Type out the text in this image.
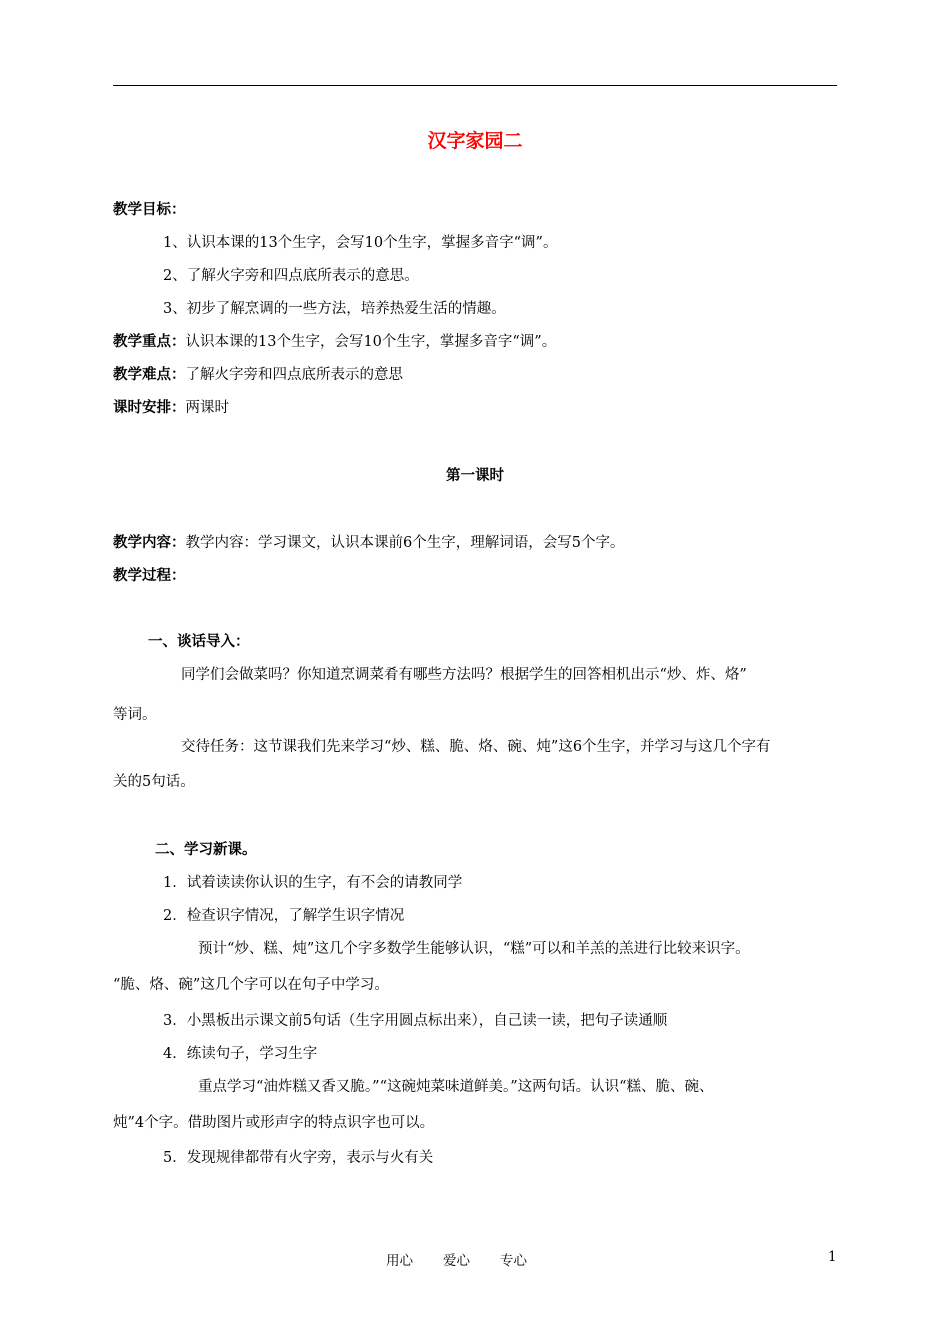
汉字家园二
教学目标：
1、认识本课的13个生字，会写10个生字，掌握多音字“调”。
2、了解火字旁和四点底所表示的意思。
3、初步了解烹调的一些方法，培养热爱生活的情趣。
教学重点：认识本课的13个生字，会写10个生字，掌握多音字“调”。
教学难点：了解火字旁和四点底所表示的意思
课时安排：两课时
第一课时
教学内容：教学内容：学习课文，认识本课前6个生字，理解词语，会写5个字。
教学过程：
一、谈话导入：
同学们会做菜吗？你知道烹调菜肴有哪些方法吗？根据学生的回答相机出示“炒、炸、烙”
等词。
交待任务：这节课我们先来学习“炒、糕、脆、烙、碗、炖”这6个生字，并学习与这几个字有
关的5句话。
二、学习新课。
1．试着读读你认识的生字，有不会的请教同学
2．检查识字情况，了解学生识字情况
预计“炒、糕、炖”这几个字多数学生能够认识，“糕”可以和羊羔的羔进行比较来识字。
“脆、烙、碗”这几个字可以在句子中学习。
3．小黑板出示课文前5句话（生字用圆点标出来），自己读一读，把句子读通顺
4．练读句子，学习生字
重点学习“油炸糕又香又脆。”“这碗炖菜味道鲜美。”这两句话。认识“糕、脆、碗、
炖”4个字。借助图片或形声字的特点识字也可以。
5．发现规律都带有火字旁，表示与火有关
用心 爱心 专心	1
